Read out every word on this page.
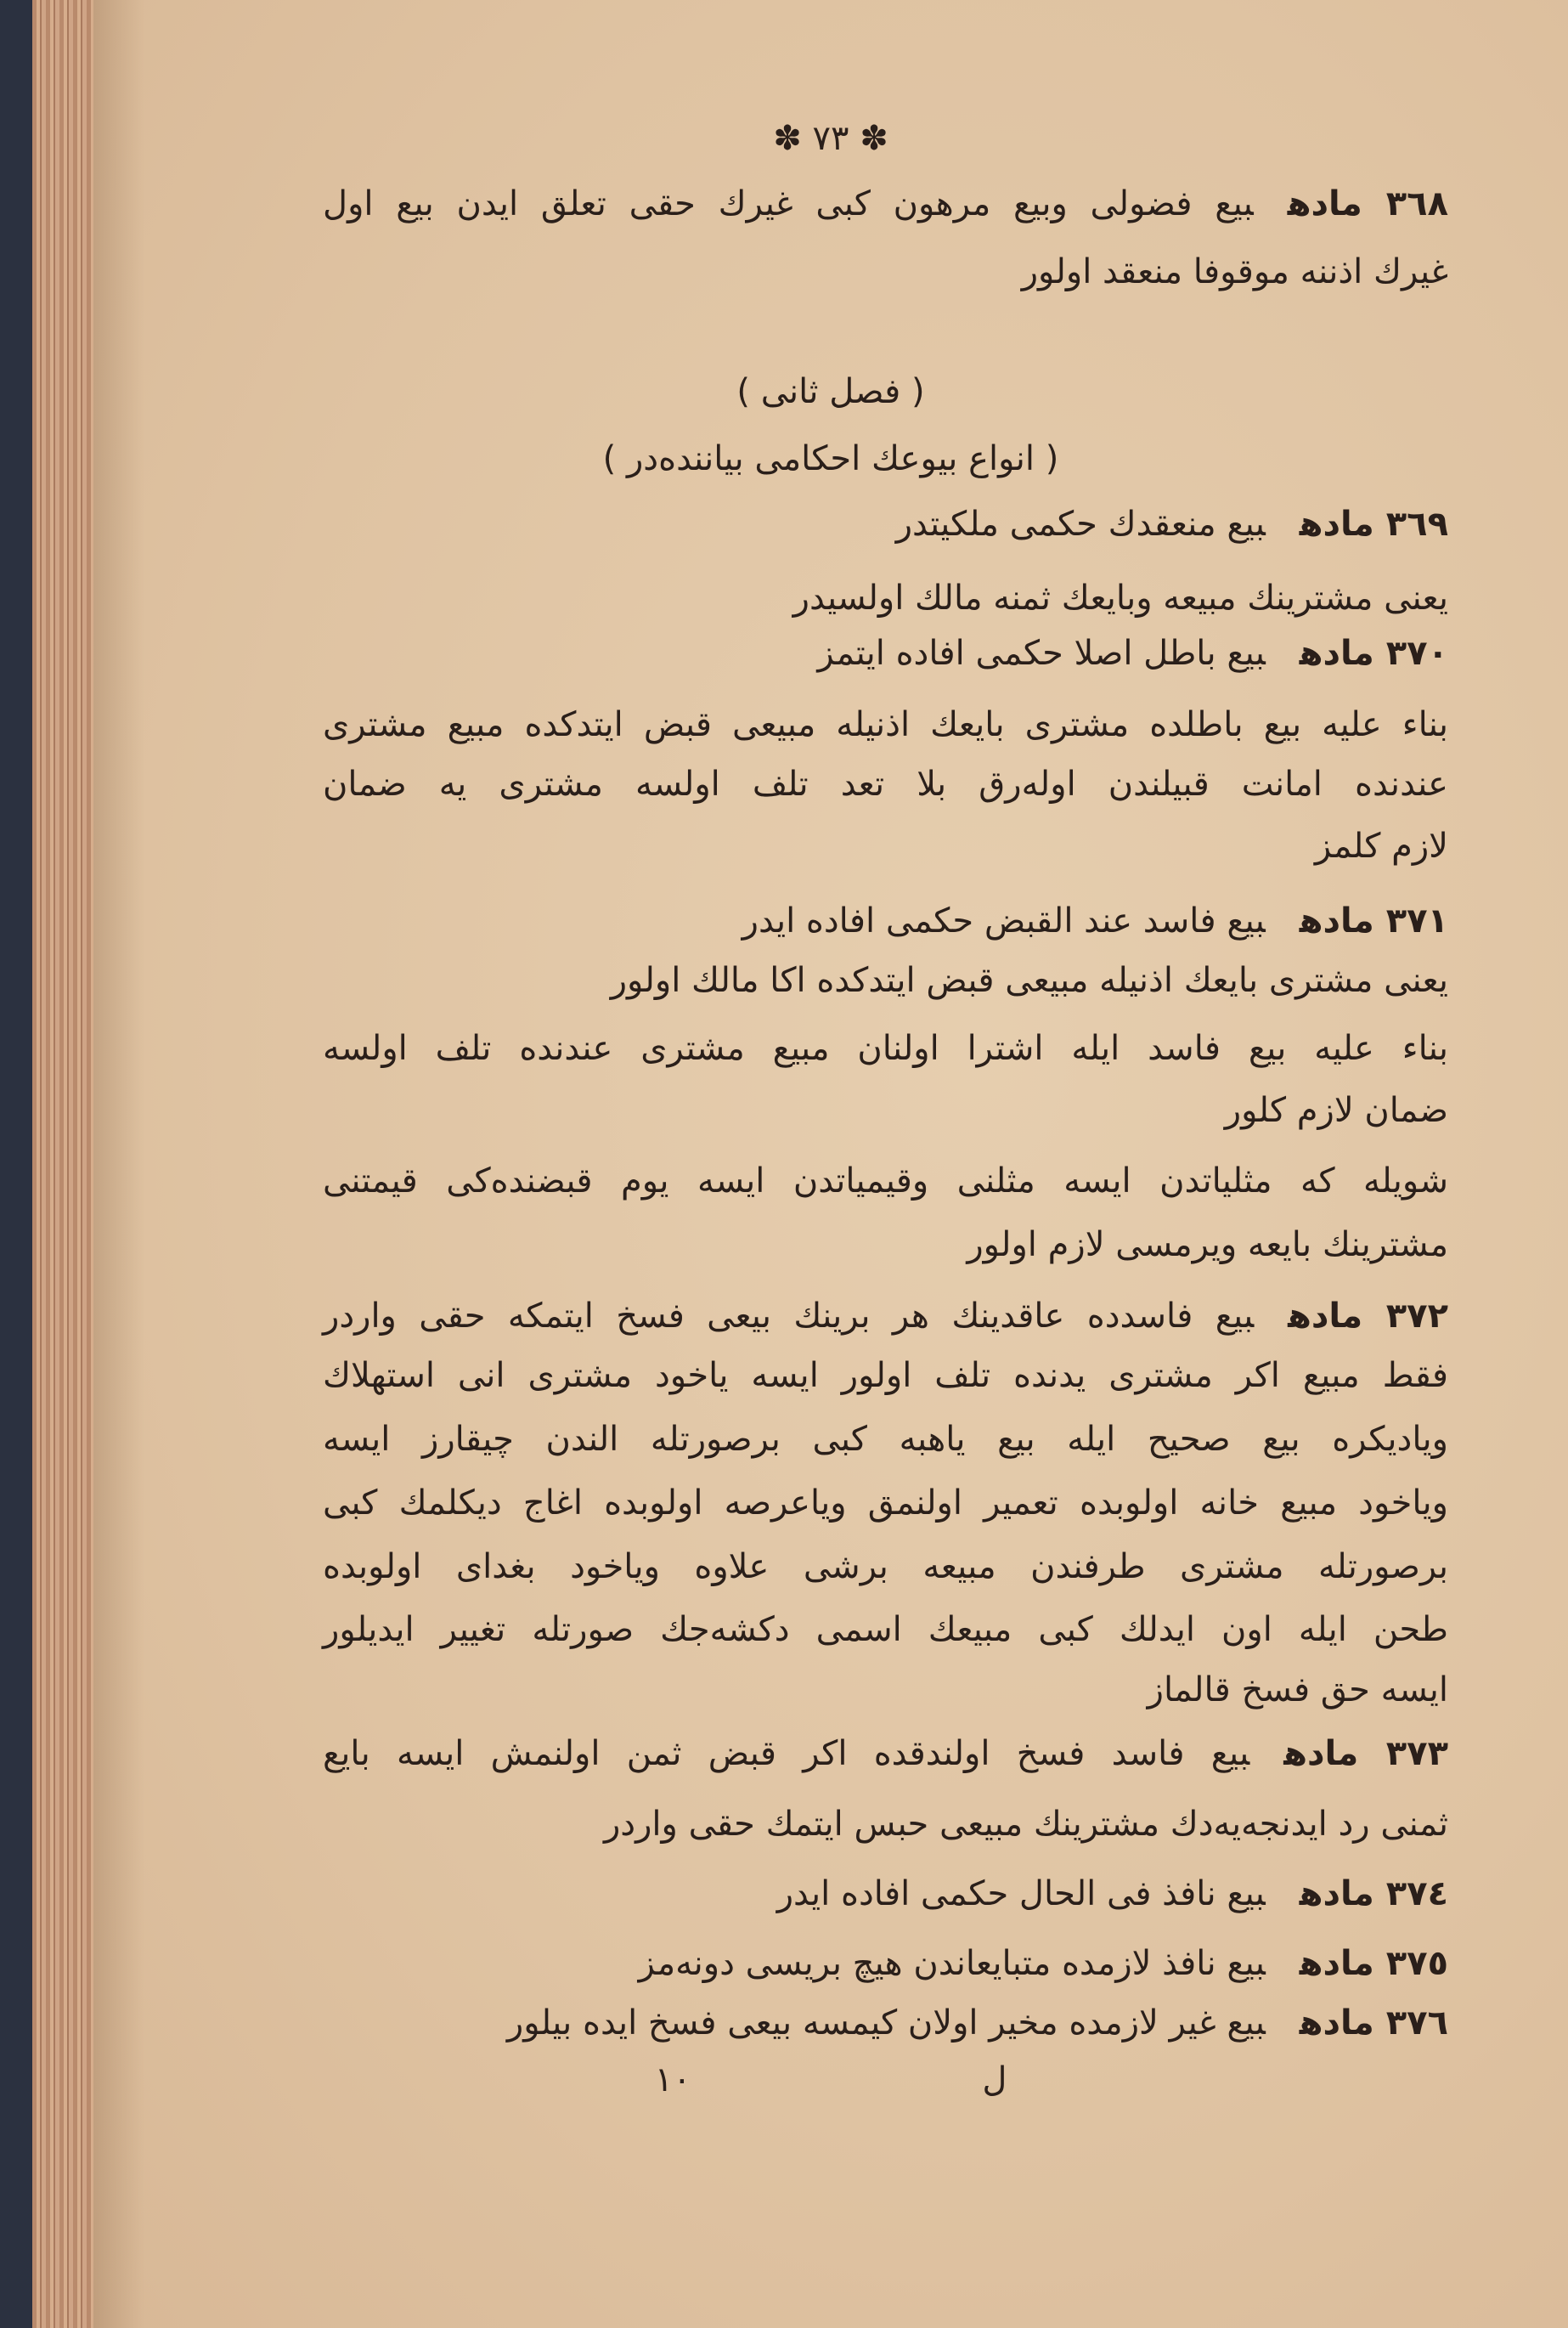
✽ ٧٣ ✽
٣٦٨ مادهبيع فضولى وبيع مرهون كبى غيرك حقى تعلق ايدن بيع اول
غيرك اذننه موقوفا منعقد اولور
( فصل ثانى )
( انواع بيوعك احكامى بيانندەدر )
٣٦٩ مادهبيع منعقدك حكمى ملكيتدر
يعنى مشترينك مبيعه وبايعك ثمنه مالك اولسيدر
٣٧٠ مادهبيع باطل اصلا حكمى افاده ايتمز
بناء عليه بيع باطلده مشترى بايعك اذنيله مبيعى قبض ايتدكده مبيع مشترى
عندنده امانت قبيلندن اولەرق بلا تعد تلف اولسه مشترى يه ضمان
لازم كلمز
٣٧١ مادهبيع فاسد عند القبض حكمى افاده ايدر
يعنى مشترى بايعك اذنيله مبيعى قبض ايتدكده اكا مالك اولور
بناء عليه بيع فاسد ايله اشترا اولنان مبيع مشترى عندنده تلف اولسه
ضمان لازم كلور
شويله كه مثلياتدن ايسه مثلنى وقيمياتدن ايسه يوم قبضندەكى قيمتنى
مشترينك بايعه ويرمسى لازم اولور
٣٧٢ مادهبيع فاسدده عاقدينك هر برينك بيعى فسخ ايتمكه حقى واردر
فقط مبيع اكر مشترى يدنده تلف اولور ايسه ياخود مشترى انى استهلاك
وياديكره بيع صحيح ايله بيع ياهبه كبى برصورتله الندن چيقارز ايسه
وياخود مبيع خانه اولوبده تعمير اولنمق وياعرصه اولوبده اغاج ديكلمك كبى
برصورتله مشترى طرفندن مبيعه برشى علاوه وياخود بغداى اولوبده
طحن ايله اون ايدلك كبى مبيعك اسمى دكشەجك صورتله تغيير ايديلور
ايسه حق فسخ قالماز
٣٧٣ مادهبيع فاسد فسخ اولندقده اكر قبض ثمن اولنمش ايسه بايع
ثمنى رد ايدنجەيەدك مشترينك مبيعى حبس ايتمك حقى واردر
٣٧٤ مادهبيع نافذ فى الحال حكمى افاده ايدر
٣٧٥ مادهبيع نافذ لازمده متبايعاندن هيچ بريسى دونەمز
٣٧٦ مادهبيع غير لازمده مخير اولان كيمسه بيعى فسخ ايده بيلور
ل ١٠
